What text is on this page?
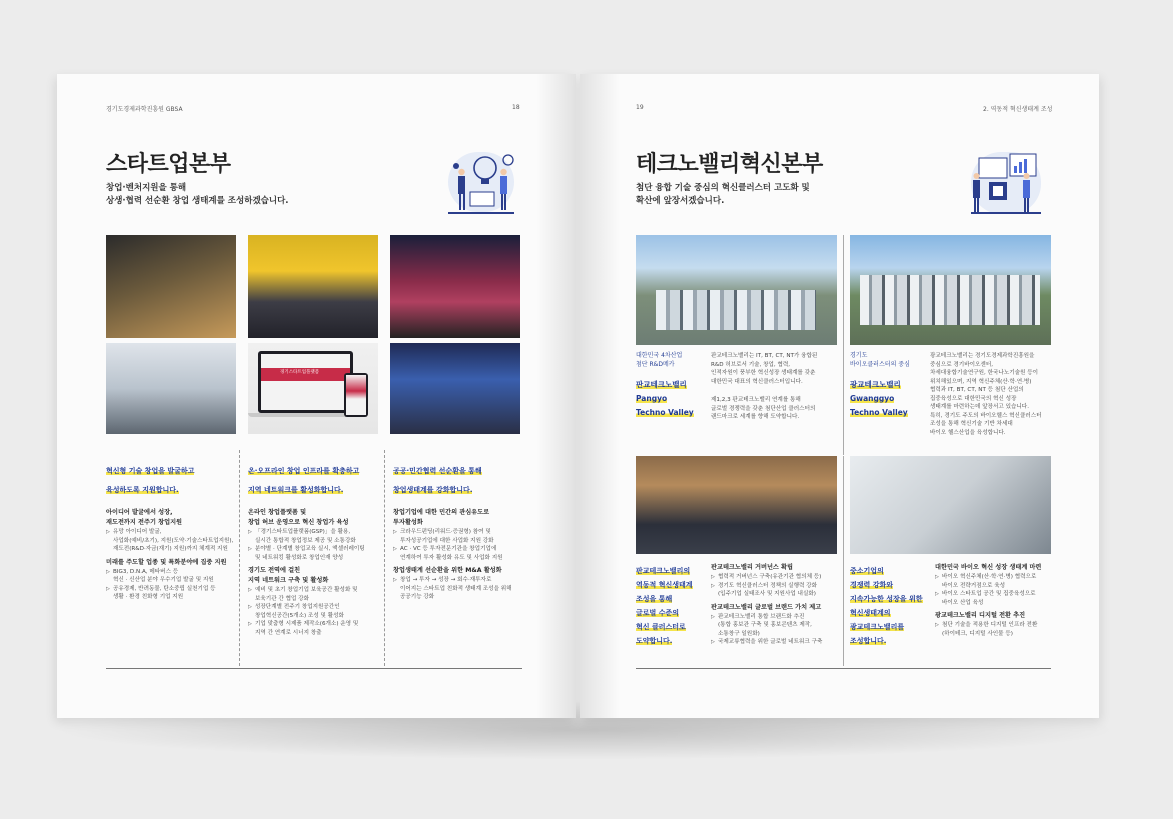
경기도경제과학진흥원 GBSA	18
스타트업본부
창업·벤처지원을 통해
상생·협력 선순환 창업 생태계를 조성하겠습니다.
경기스타트업플랫폼
혁신형 기술 창업을 발굴하고
육성하도록 지원합니다.
아이디어 발굴에서 성장,
재도전까지 전주기 창업지원
▷ 유망 아이디어 발굴,
사업화(예비/초기), 지원(도약·기술스타트업지원),
재도전(R&D·자금(재기) 지원)까지 체계적 지원
미래를 주도할 업종 및 특화분야에 집중 지원
▷ BIG3, D.N.A, 메타버스 등
혁신 · 신산업 분야 우수기업 발굴 및 지원
▷ 공유경제, 반려동물, 탄소중립 실천기업 등
생활 · 환경 친화형 기업 지원
온·오프라인 창업 인프라를 확충하고
지역 네트워크를 활성화합니다.
온라인 창업플랫폼 및
창업 허브 운영으로 혁신 창업가 육성
▷ 「경기스타트업플랫폼(GSP)」을 활용,
실시간 통합적 창업정보 제공 및 소통강화
▷ 분야별 · 단계별 창업교육 실시, 액셀러레이팅
및 네트워킹 활성화로 창업인재 양성
경기도 전역에 걸친
지역 네트워크 구축 및 활성화
▷ 예비 및 초기 창업기업 보육공간 활성화 및
보육기관 간 협업 강화
▷ 성장단계별 전주기 창업지원공간인
창업혁신공간(5개소) 조성 및 활성화
▷ 기업 맞춤형 시제품 제작소(6개소) 운영 및
지역 간 연계로 시너지 창출
공공·민간협력 선순환을 통해
창업생태계를 강화합니다.
창업기업에 대한 민간의 관심유도로
투자활성화
▷ 크라우드펀딩(리워드·증권형) 참여 및
투자성공기업에 대한 사업화 지원 강화
▷ AC · VC 등 투자전문기관을 창업기업에
연계하여 투자 활성화 유도 및 사업화 지원
창업생태계 선순환을 위한 M&A 활성화
▷ 창업 → 투자 → 성장 → 회수·재투자로
이어지는 스타트업 친화적 생태계 조성을 위해
공공기능 강화
19	2. 역동적 혁신생태계 조성
테크노밸리혁신본부
첨단 융합 기술 중심의 혁신클러스터 고도화 및
확산에 앞장서겠습니다.
대한민국 4차산업
첨단 R&D메카
판교테크노밸리
Pangyo
Techno Valley
판교테크노밸리는 IT, BT, CT, NT가 융합된
R&D 허브로서 기술, 창업, 협력,
인적자원이 풍부한 혁신성장 생태계를 갖춘
대한민국 대표의 혁신클러스터입니다.
제1,2,3 판교테크노밸리 연계를 통해
글로벌 경쟁력을 갖춘 첨단산업 클러스터의
랜드마크로 세계를 향해 도약합니다.
경기도
바이오클러스터의 중심
광교테크노밸리
Gwanggyo
Techno Valley
광교테크노밸리는 경기도경제과학진흥원을
중심으로 경기바이오센터,
차세대융합기술연구원, 한국나노기술원 등이
위치해있으며, 지역 혁신주체(산·학·연·병)
협력과 IT, BT, CT, NT 등 첨단 산업의
집중육성으로 대한민국의 혁신 성장
생태계를 마련하는데 앞장서고 있습니다.
특히, 경기도 주도의 바이오헬스 혁신클러스터
조성을 통해 혁신기술 기반 차세대
바이오 헬스산업을 육성합니다.
판교테크노밸리의
역동적 혁신생태계
조성을 통해
글로벌 수준의
혁신 클러스터로
도약합니다.
판교테크노밸리 거버넌스 확립
▷ 협력적 거버넌스 구축(유관기관 협의체 등)
▷ 경기도 혁신클러스터 정책의 실행력 강화
(입주기업 실태조사 및 지원사업 내실화)
판교테크노밸리 글로벌 브랜드 가치 제고
▷ 판교테크노밸리 통합 브랜드화 추진
(통합 홍보관 구축 및 홍보콘텐츠 제작,
소통창구 일원화)
▷ 국제교류협력을 위한 글로벌 네트워크 구축
중소기업의
경쟁력 강화와
지속가능한 성장을 위한
혁신생태계의
광교테크노밸리를
조성합니다.
대한민국 바이오 혁신 성장 생태계 마련
▷ 바이오 혁신주체(산·학·연·병) 협력으로
바이오 전략거점으로 육성
▷ 바이오 스타트업 공간 및 집중육성으로
바이오 산업 육성
광교테크노밸리 디지털 전환 추진
▷ 첨단 기술을 적용한 디지털 인프라 전환
(하이테크, 디지털 사인물 등)
